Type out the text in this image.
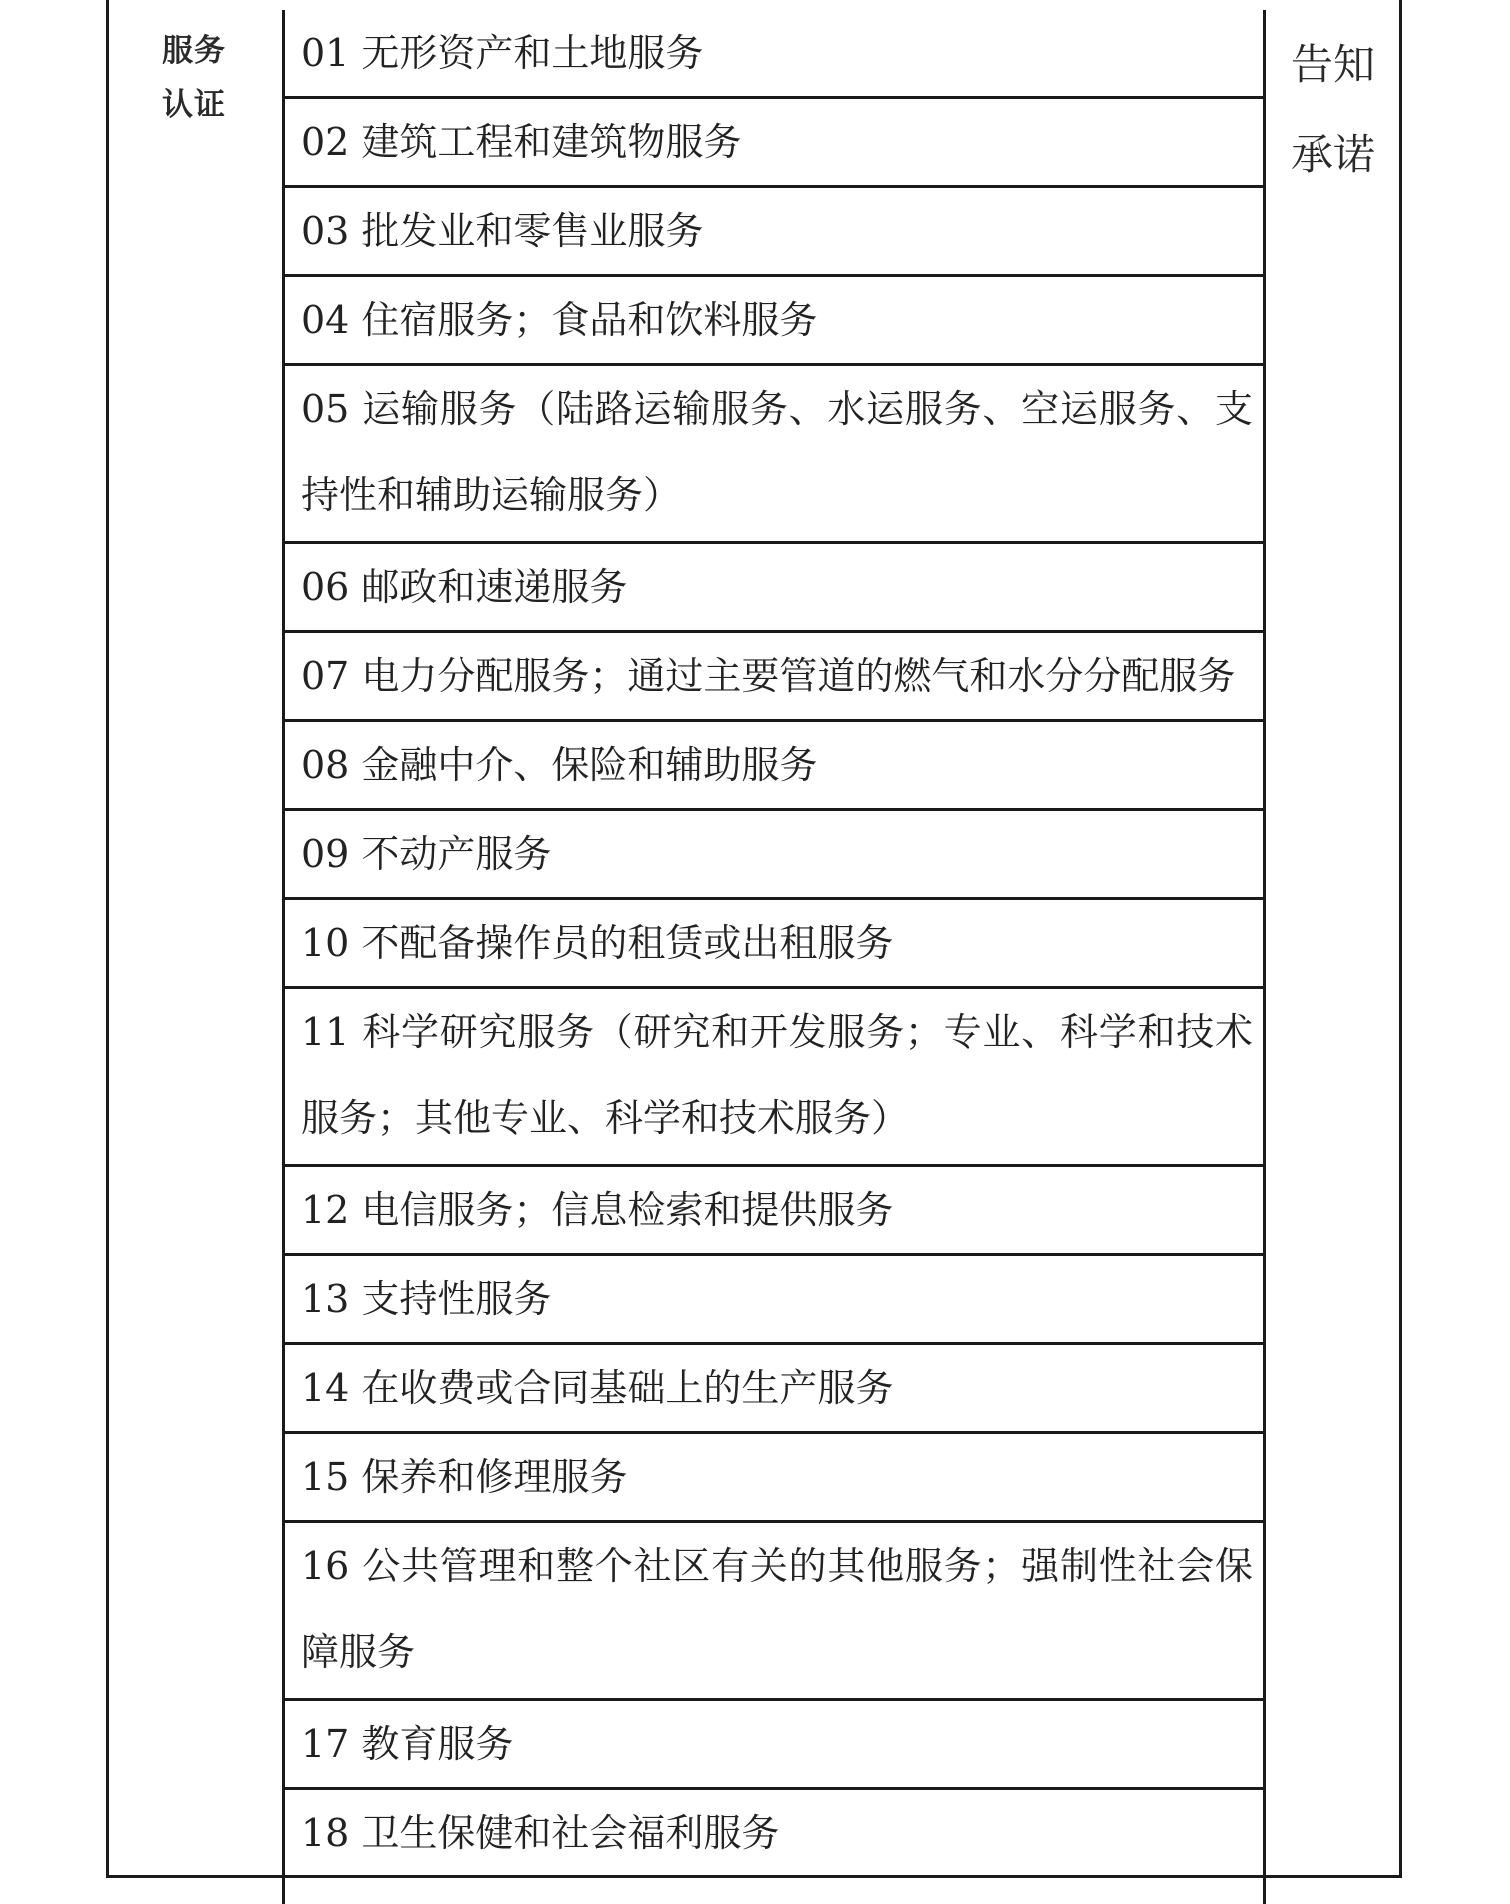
服务
认证
01 无形资产和土地服务
02 建筑工程和建筑物服务
03 批发业和零售业服务
04 住宿服务；食品和饮料服务
05 运输服务（陆路运输服务、水运服务、空运服务、支持性和辅助运输服务）
06 邮政和速递服务
07 电力分配服务；通过主要管道的燃气和水分分配服务
08 金融中介、保险和辅助服务
09 不动产服务
10 不配备操作员的租赁或出租服务
11 科学研究服务（研究和开发服务；专业、科学和技术服务；其他专业、科学和技术服务）
12 电信服务；信息检索和提供服务
13 支持性服务
14 在收费或合同基础上的生产服务
15 保养和修理服务
16 公共管理和整个社区有关的其他服务；强制性社会保障服务
17 教育服务
18 卫生保健和社会福利服务
告知
承诺
